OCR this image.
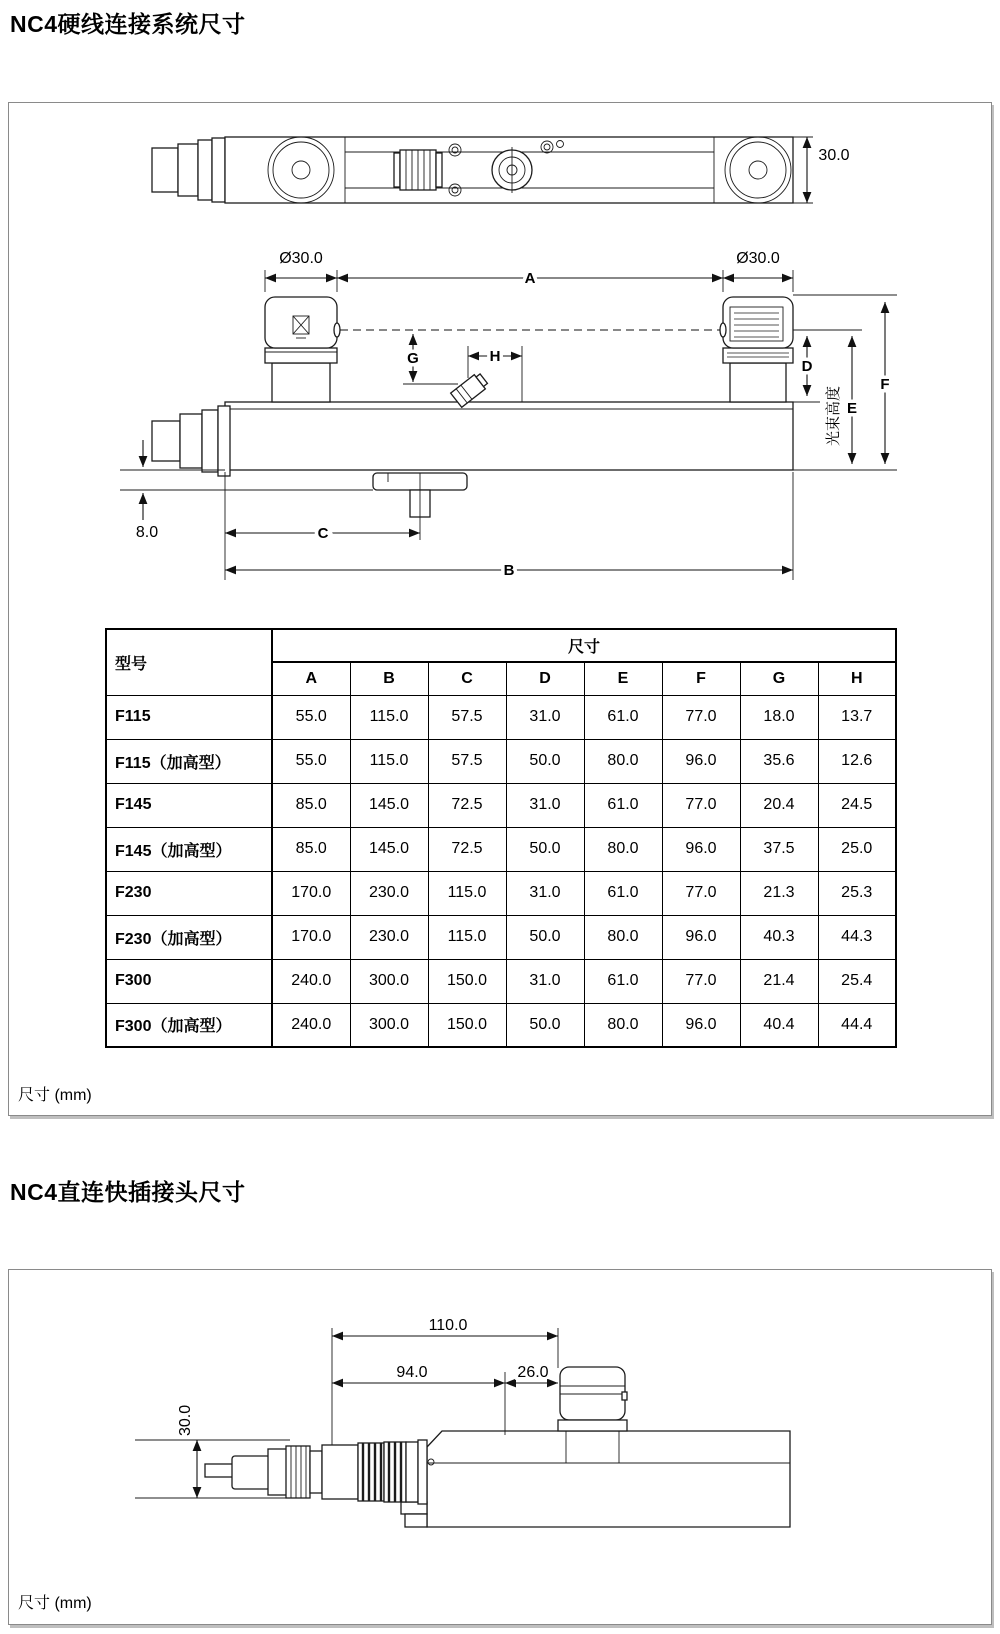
NC4硬线连接系统尺寸
型号	尺寸							
	A	B	C	D	E	F	G	H
F115	55.0	115.0	57.5	31.0	61.0	77.0	18.0	13.7
F115（加高型）	55.0	115.0	57.5	50.0	80.0	96.0	35.6	12.6
F145	85.0	145.0	72.5	31.0	61.0	77.0	20.4	24.5
F145（加高型）	85.0	145.0	72.5	50.0	80.0	96.0	37.5	25.0
F230	170.0	230.0	115.0	31.0	61.0	77.0	21.3	25.3
F230（加高型）	170.0	230.0	115.0	50.0	80.0	96.0	40.3	44.3
F300	240.0	300.0	150.0	31.0	61.0	77.0	21.4	25.4
F300（加高型）	240.0	300.0	150.0	50.0	80.0	96.0	40.4	44.4
尺寸 (mm)
NC4直连快插接头尺寸
尺寸 (mm)
30.0
Ø30.0	Ø30.0
A
G	H
D
E
光束高度
F
8.0	C
B
110.0
94.0	26.0
30.0
